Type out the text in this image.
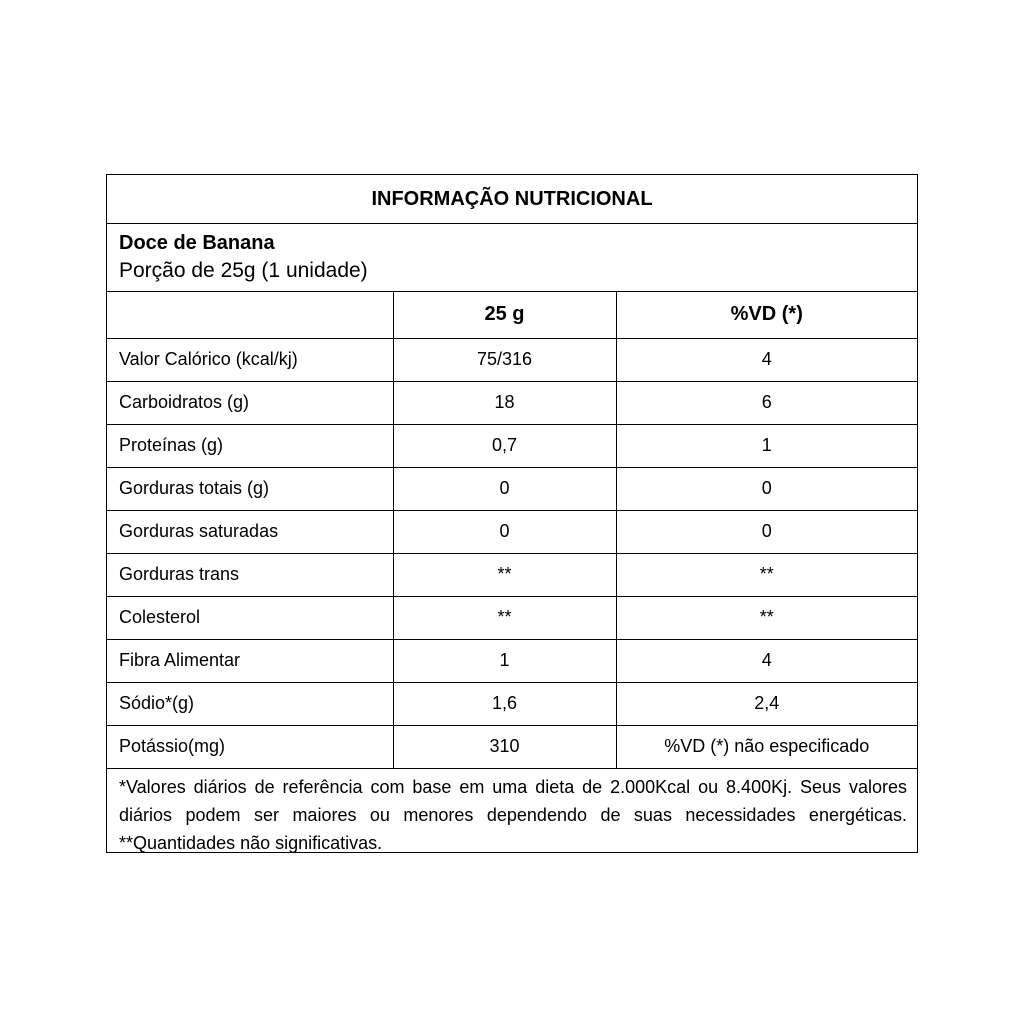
INFORMAÇÃO NUTRICIONAL
Doce de Banana
Porção de 25g (1 unidade)
	25 g	%VD (*)
Valor Calórico (kcal/kj)	75/316	4
Carboidratos (g)	18	6
Proteínas (g)	0,7	1
Gorduras totais (g)	0	0
Gorduras saturadas	0	0
Gorduras trans	**	**
Colesterol	**	**
Fibra Alimentar	1	4
Sódio*(g)	1,6	2,4
Potássio(mg)	310	%VD (*) não especificado
*Valores diários de referência com base em uma dieta de 2.000Kcal ou 8.400Kj. Seus valores diários podem ser maiores ou menores dependendo de suas necessidades energéticas. **Quantidades não significativas.
